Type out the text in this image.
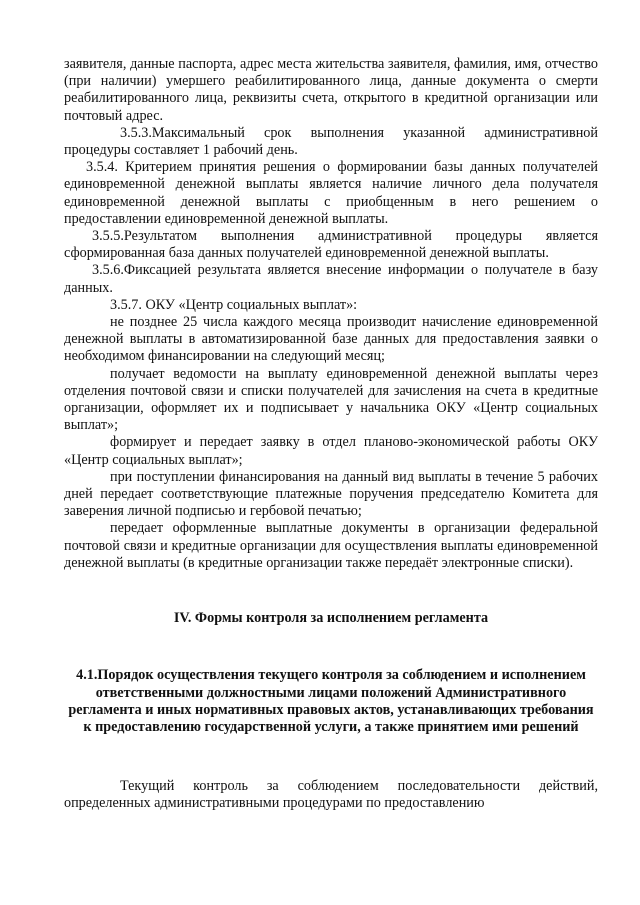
заявителя, данные паспорта, адрес места жительства заявителя, фамилия, имя, отчество (при наличии) умершего реабилитированного лица, данные документа о смерти реабилитированного лица, реквизиты счета, открытого в кредитной организации или почтовый адрес.

3.5.3.Максимальный срок выполнения указанной административной процедуры составляет 1 рабочий день.

3.5.4. Критерием принятия решения о формировании базы данных получателей единовременной денежной выплаты является наличие личного дела получателя единовременной денежной выплаты с приобщенным в него решением о предоставлении единовременной денежной выплаты.

3.5.5.Результатом выполнения административной процедуры является сформированная база данных получателей единовременной денежной выплаты.

3.5.6.Фиксацией результата является внесение информации о получателе в базу данных.

3.5.7. ОКУ «Центр социальных выплат»:

не позднее 25 числа каждого месяца производит начисление единовременной денежной выплаты в автоматизированной базе данных для предоставления заявки о необходимом финансировании на следующий месяц;

получает ведомости на выплату единовременной денежной выплаты через отделения почтовой связи и списки получателей для зачисления на счета в кредитные организации, оформляет их и подписывает у начальника ОКУ «Центр социальных выплат»;

формирует и передает заявку в отдел планово-экономической работы ОКУ «Центр социальных выплат»;

при поступлении финансирования на данный вид выплаты в течение 5 рабочих дней передает соответствующие платежные поручения председателю Комитета для заверения личной подписью и гербовой печатью;

передает оформленные выплатные документы в организации федеральной почтовой связи и кредитные организации для осуществления выплаты единовременной денежной выплаты (в кредитные организации также передаёт электронные списки).

IV. Формы контроля за исполнением регламента
4.1.Порядок осуществления текущего контроля за соблюдением и исполнением ответственными должностными лицами положений Административного регламента и иных нормативных правовых актов, устанавливающих требования к предоставлению государственной услуги, а также принятием ими решений

Текущий контроль за соблюдением последовательности действий, определенных административными процедурами по предоставлению
